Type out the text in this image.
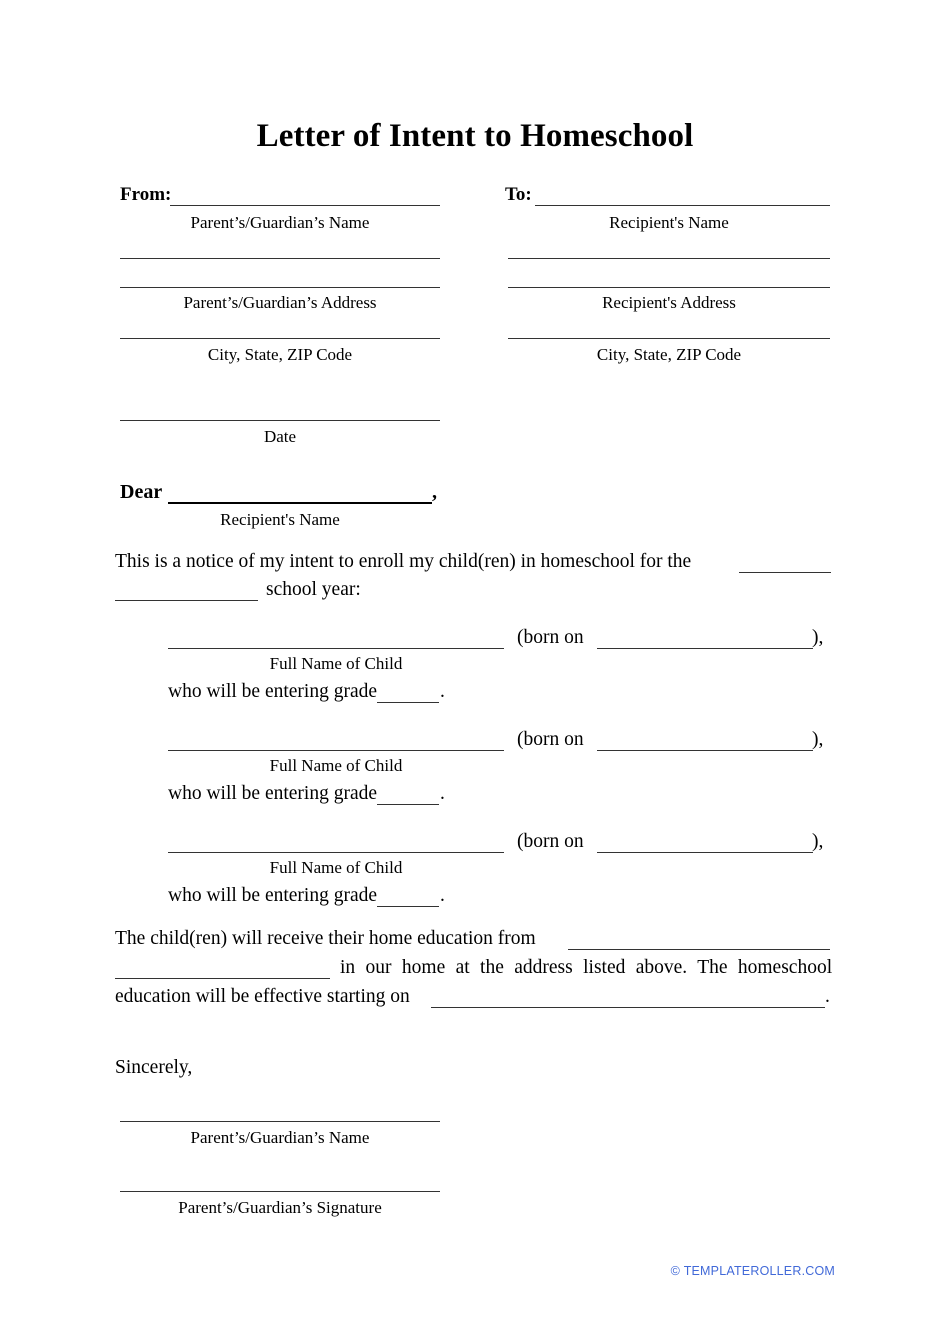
Letter of Intent to Homeschool
From:
Parent’s/Guardian’s Name
Parent’s/Guardian’s Address
City, State, ZIP Code
Date
To:
Recipient's Name
Recipient's Address
City, State, ZIP Code
Dear	,
Recipient's Name
This is a notice of my intent to enroll my child(ren) in homeschool for the
school year:
Full Name of Child
(born on	),
who will be entering grade	.
Full Name of Child
(born on	),
who will be entering grade	.
Full Name of Child
(born on	),
who will be entering grade	.
The child(ren) will receive their home education from
in our home at the address listed above. The homeschool
education will be effective starting on	.
Sincerely,
Parent’s/Guardian’s Name
Parent’s/Guardian’s Signature
© TEMPLATEROLLER.COM
